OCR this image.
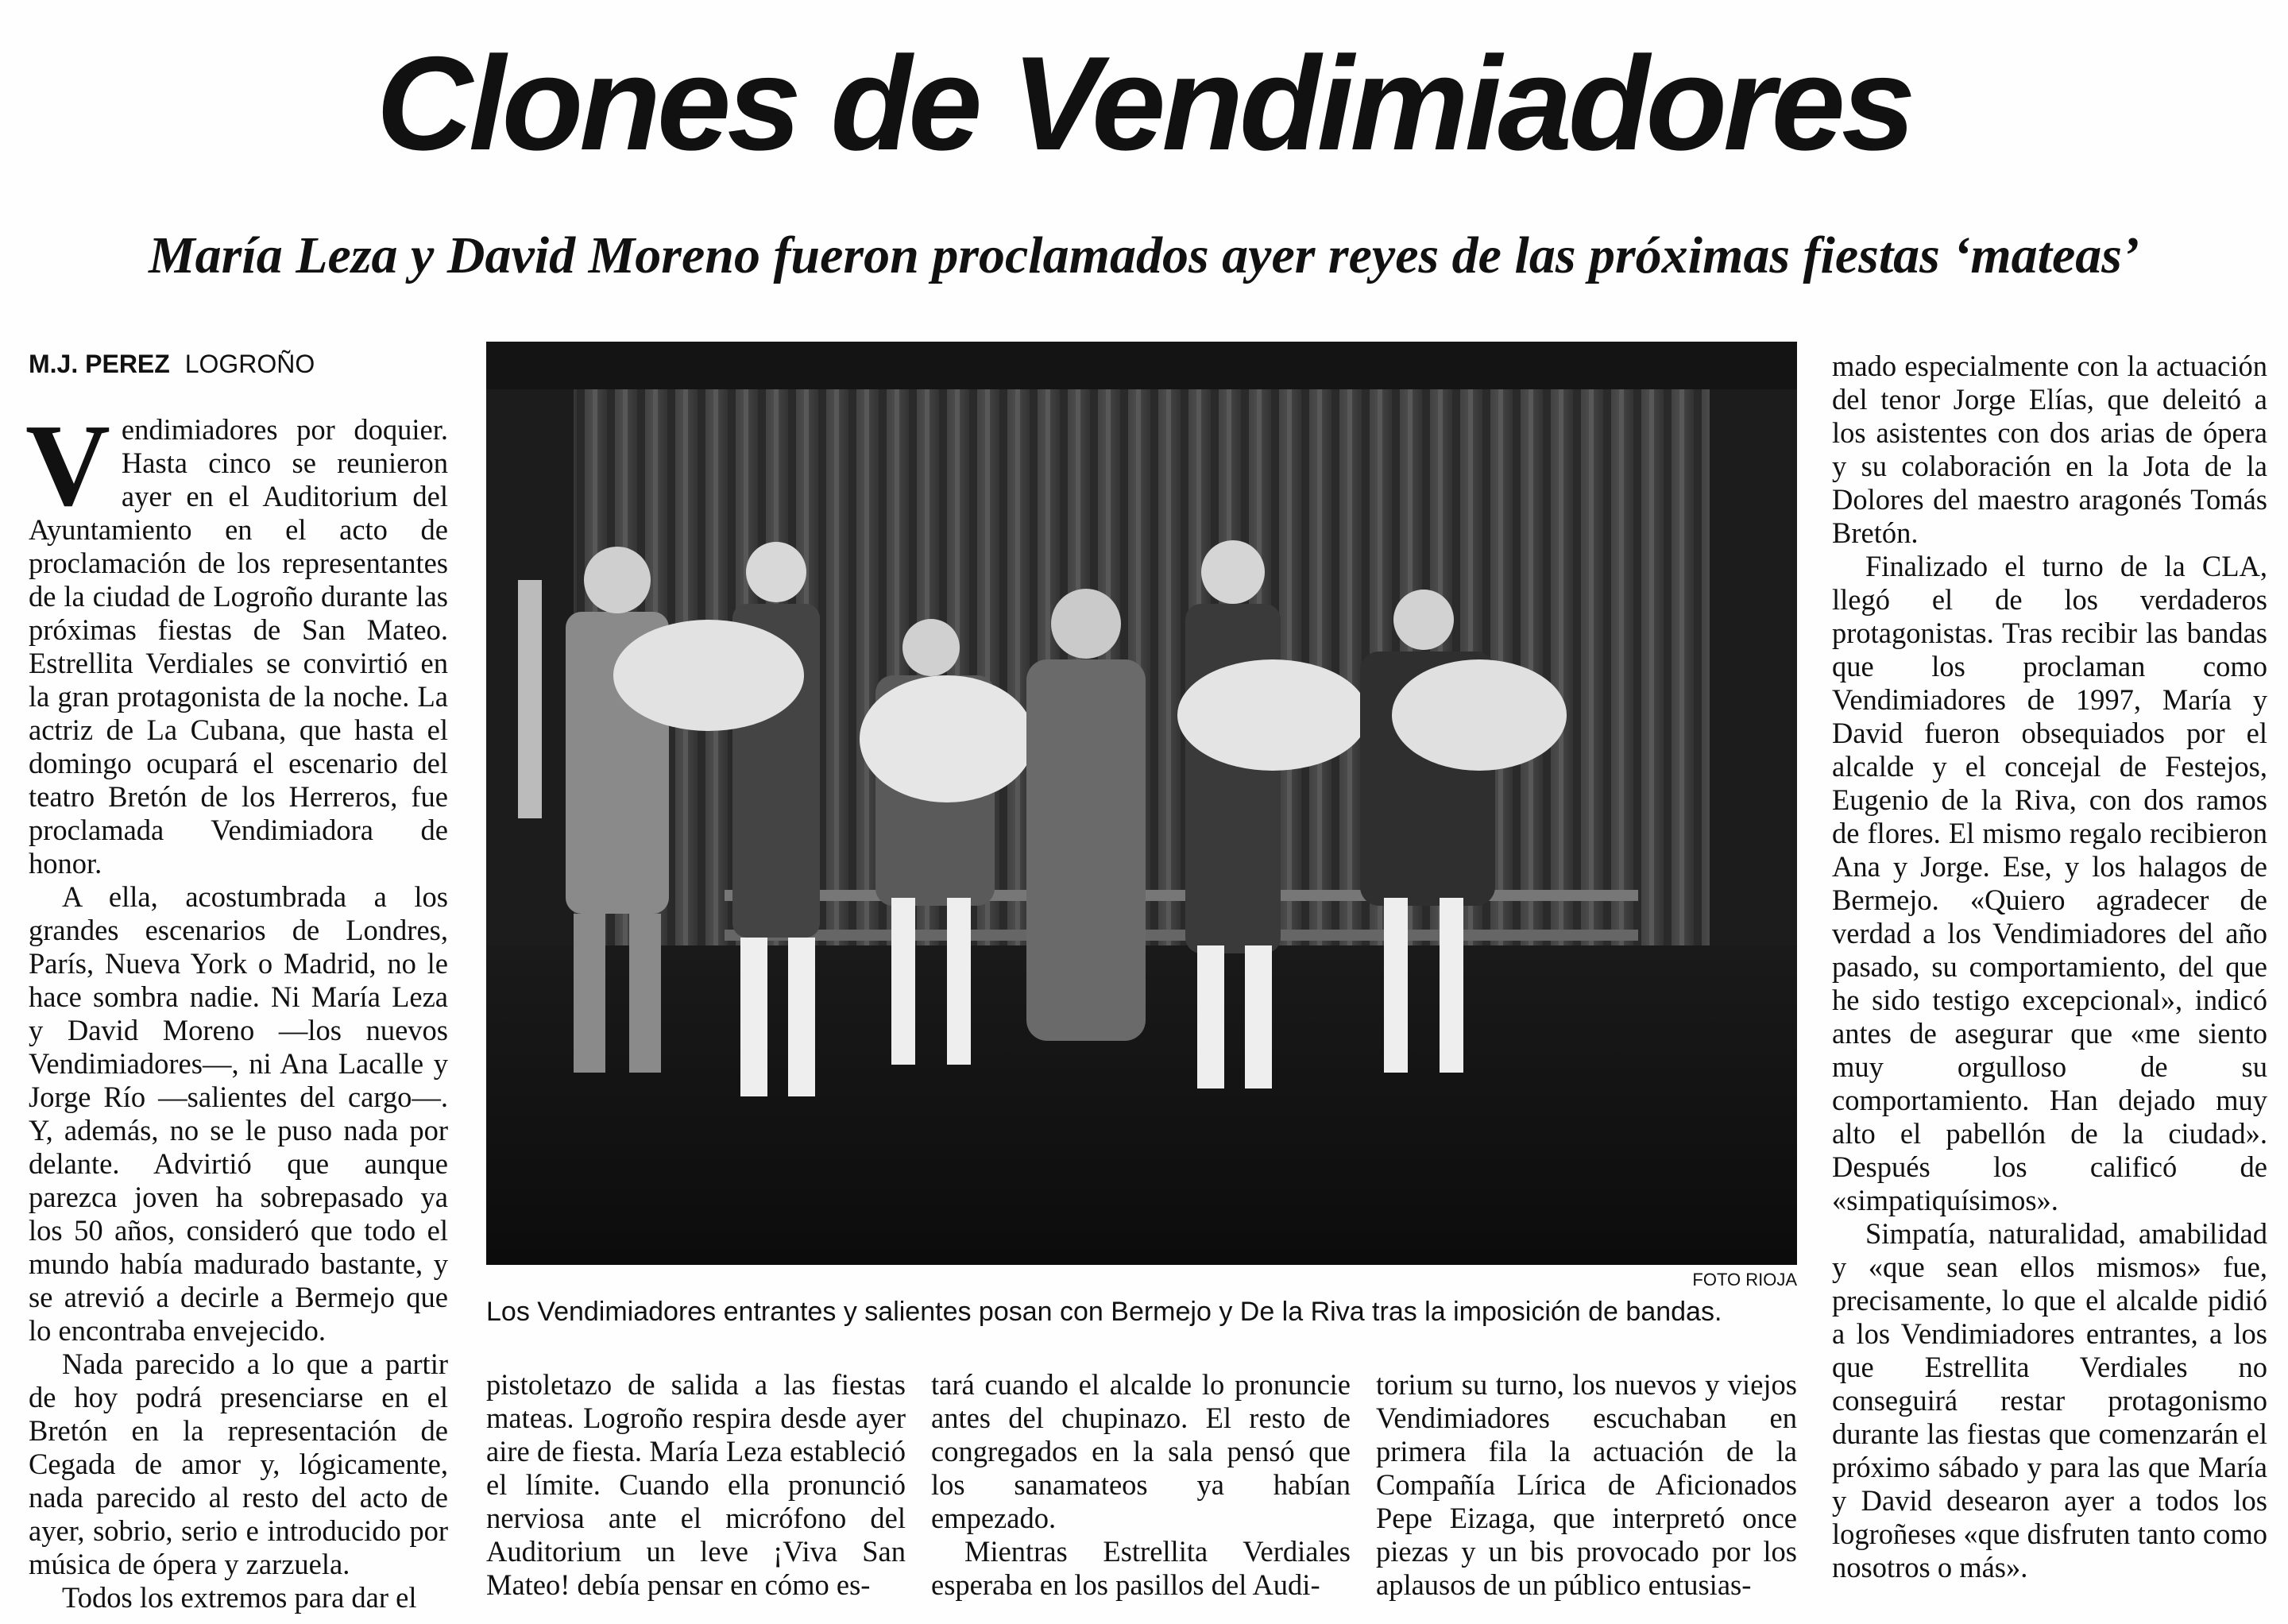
Clones de Vendimiadores
María Leza y David Moreno fueron proclamados ayer reyes de las próximas fiestas ‘mateas’
M.J. PEREZ LOGROÑO

Vendimiadores por doquier. Hasta cinco se reunieron ayer en el Auditorium del Ayuntamiento en el acto de proclamación de los representantes de la ciudad de Logroño durante las próximas fiestas de San Mateo. Estrellita Verdiales se convirtió en la gran protagonista de la noche. La actriz de La Cubana, que hasta el domingo ocupará el escenario del teatro Bretón de los Herreros, fue proclamada Vendimiadora de honor.

A ella, acostumbrada a los grandes escenarios de Londres, París, Nueva York o Madrid, no le hace sombra nadie. Ni María Leza y David Moreno —los nuevos Vendimiadores—, ni Ana Lacalle y Jorge Río —salientes del cargo—. Y, además, no se le puso nada por delante. Advirtió que aunque parezca joven ha sobrepasado ya los 50 años, consideró que todo el mundo había madurado bastante, y se atrevió a decirle a Bermejo que lo encontraba envejecido.

Nada parecido a lo que a partir de hoy podrá presenciarse en el Bretón en la representación de Cegada de amor y, lógicamente, nada parecido al resto del acto de ayer, sobrio, serio e introducido por música de ópera y zarzuela.

Todos los extremos para dar el

FOTO RIOJA
Los Vendimiadores entrantes y salientes posan con Bermejo y De la Riva tras la imposición de bandas.

pistoletazo de salida a las fiestas mateas. Logroño respira desde ayer aire de fiesta. María Leza estableció el límite. Cuando ella pronunció nerviosa ante el micrófono del Auditorium un leve ¡Viva San Mateo! debía pensar en cómo es-

tará cuando el alcalde lo pronuncie antes del chupinazo. El resto de congregados en la sala pensó que los sanamateos ya habían empezado.

Mientras Estrellita Verdiales esperaba en los pasillos del Audi-

torium su turno, los nuevos y viejos Vendimiadores escuchaban en primera fila la actuación de la Compañía Lírica de Aficionados Pepe Eizaga, que interpretó once piezas y un bis provocado por los aplausos de un público entusias-

mado especialmente con la actuación del tenor Jorge Elías, que deleitó a los asistentes con dos arias de ópera y su colaboración en la Jota de la Dolores del maestro aragonés Tomás Bretón.

Finalizado el turno de la CLA, llegó el de los verdaderos protagonistas. Tras recibir las bandas que los proclaman como Vendimiadores de 1997, María y David fueron obsequiados por el alcalde y el concejal de Festejos, Eugenio de la Riva, con dos ramos de flores. El mismo regalo recibieron Ana y Jorge. Ese, y los halagos de Bermejo. «Quiero agradecer de verdad a los Vendimiadores del año pasado, su comportamiento, del que he sido testigo excepcional», indicó antes de asegurar que «me siento muy orgulloso de su comportamiento. Han dejado muy alto el pabellón de la ciudad». Después los calificó de «simpatiquísimos».

Simpatía, naturalidad, amabilidad y «que sean ellos mismos» fue, precisamente, lo que el alcalde pidió a los Vendimiadores entrantes, a los que Estrellita Verdiales no conseguirá restar protagonismo durante las fiestas que comenzarán el próximo sábado y para las que María y David desearon ayer a todos los logroñeses «que disfruten tanto como nosotros o más».
